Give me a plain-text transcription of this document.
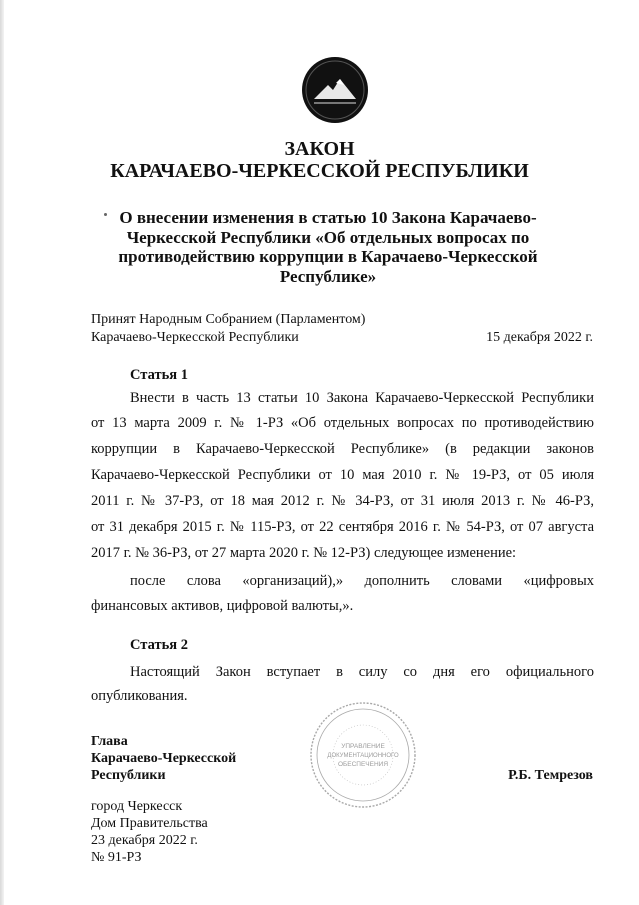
ЗАКОН
КАРАЧАЕВО-ЧЕРКЕССКОЙ РЕСПУБЛИКИ
О внесении изменения в статью 10 Закона Карачаево-
Черкесской Республики «Об отдельных вопросах по
противодействию коррупции в Карачаево-Черкесской
Республике»
Принят Народным Собранием (Парламентом)
Карачаево-Черкесской Республики	15 декабря 2022 г.
Статья 1
Внести в часть 13 статьи 10 Закона Карачаево-Черкесской Республики
от 13 марта 2009 г. № 1-РЗ «Об отдельных вопросах по противодействию
коррупции в Карачаево-Черкесской Республике» (в редакции законов
Карачаево-Черкесской Республики от 10 мая 2010 г. № 19-РЗ, от 05 июля
2011 г. № 37-РЗ, от 18 мая 2012 г. № 34-РЗ, от 31 июля 2013 г. № 46-РЗ,
от 31 декабря 2015 г. № 115-РЗ, от 22 сентября 2016 г. № 54-РЗ, от 07 августа
2017 г. № 36-РЗ, от 27 марта 2020 г. № 12-РЗ) следующее изменение:
после слова «организаций),» дополнить словами «цифровых
финансовых активов, цифровой валюты,».
Статья 2
Настоящий Закон вступает в силу со дня его официального
опубликования.
УПРАВЛЕНИЕ
ДОКУМЕНТАЦИОННОГО
ОБЕСПЕЧЕНИЯ
Глава
Карачаево-Черкесской
Республики	Р.Б. Темрезов
город Черкесск
Дом Правительства
23 декабря 2022 г.
№ 91-РЗ
